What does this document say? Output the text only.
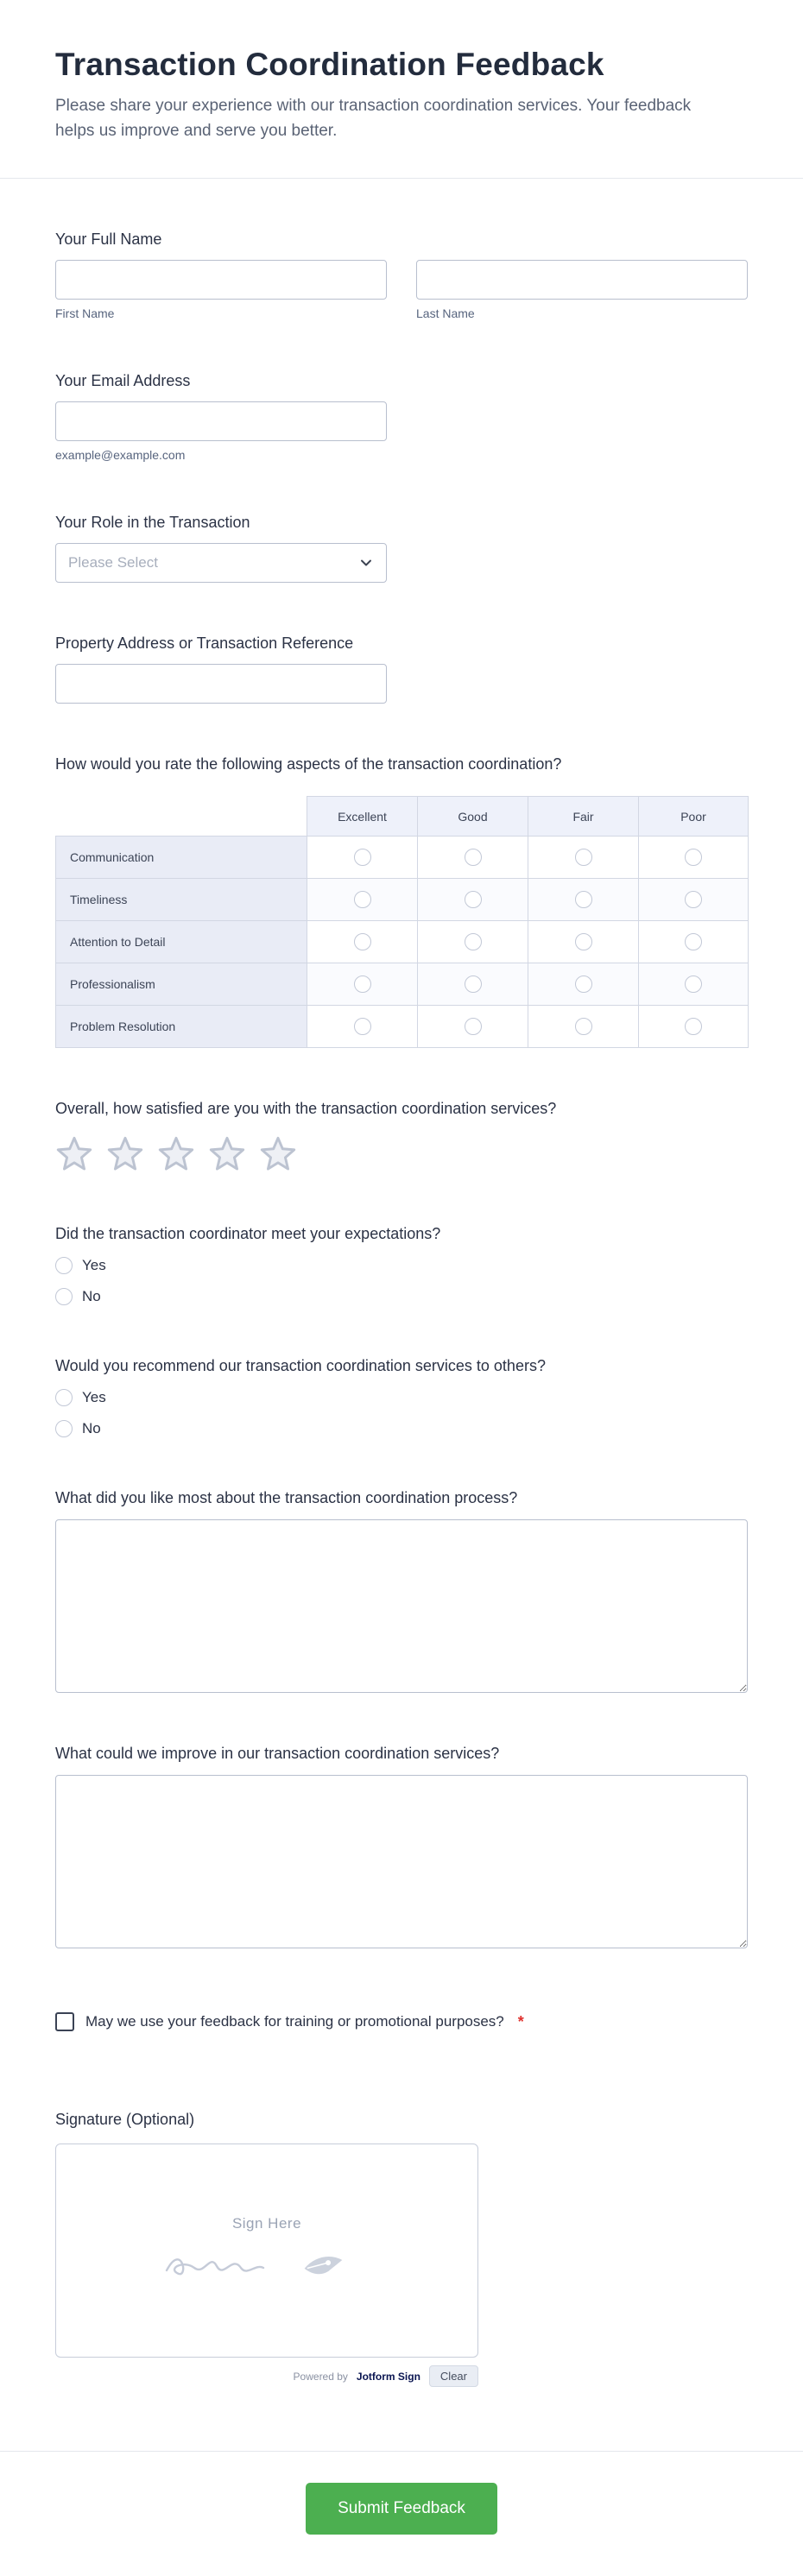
Transaction Coordination Feedback
Please share your experience with our transaction coordination services. Your feedback helps us improve and serve you better.
Your Full Name
First Name	Last Name
Your Email Address
example@example.com
Your Role in the Transaction
Please Select
Property Address or Transaction Reference
How would you rate the following aspects of the transaction coordination?
	Excellent	Good	Fair	Poor
Communication				
Timeliness				
Attention to Detail				
Professionalism				
Problem Resolution				
Overall, how satisfied are you with the transaction coordination services?
Did the transaction coordinator meet your expectations?
Yes
No
Would you recommend our transaction coordination services to others?
Yes
No
What did you like most about the transaction coordination process?
What could we improve in our transaction coordination services?
May we use your feedback for training or promotional purposes? *
Signature (Optional)
Sign Here
Powered by Jotform Sign	Clear
Submit Feedback
